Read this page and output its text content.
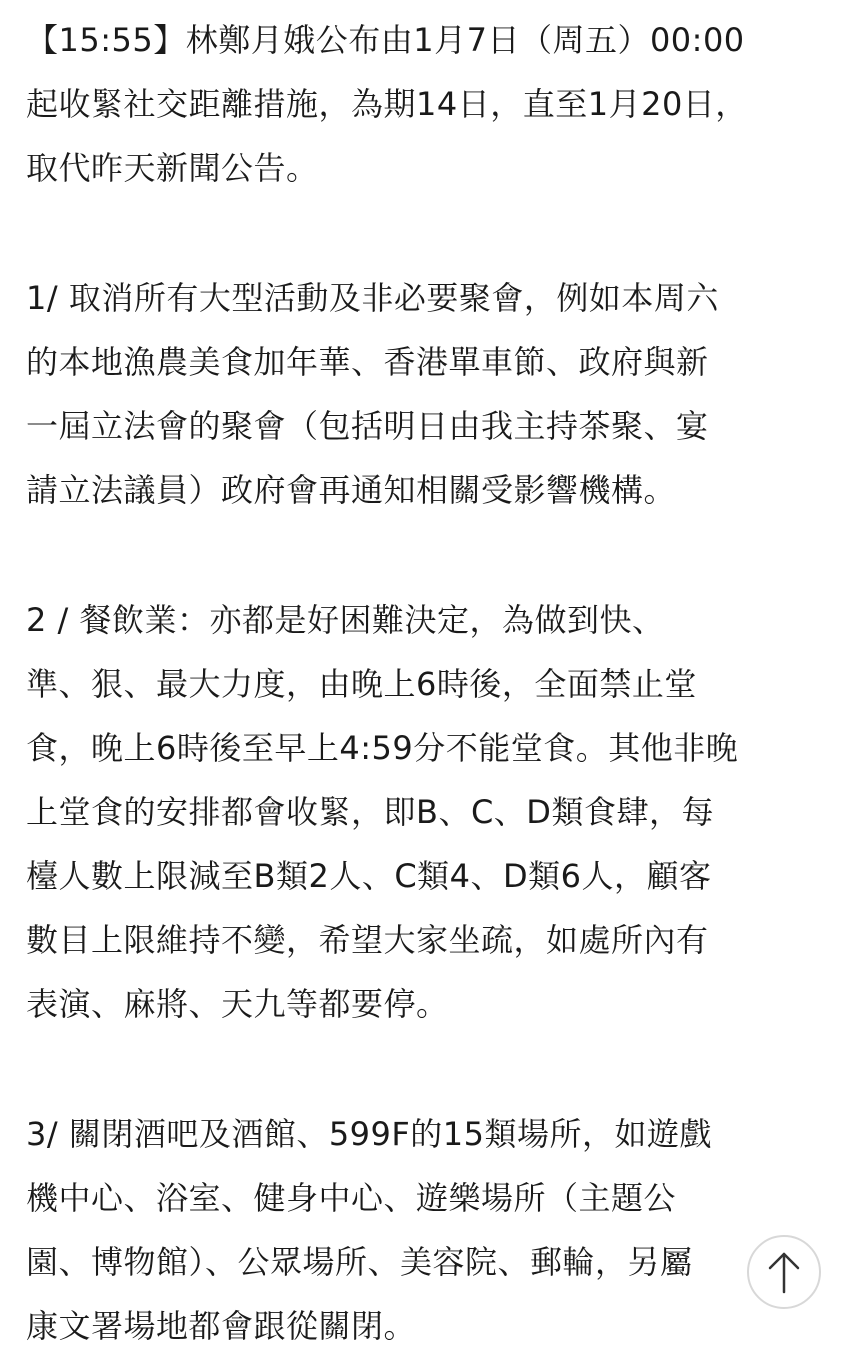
【15:55】林鄭月娥公布由1月7日（周五）00:00
起收緊社交距離措施，為期14日，直至1月20日，
取代昨天新聞公告。
1/ 取消所有大型活動及非必要聚會，例如本周六
的本地漁農美食加年華、香港單車節、政府與新
一屆立法會的聚會（包括明日由我主持茶聚、宴
請立法議員）政府會再通知相關受影響機構。
2 / 餐飲業：亦都是好困難決定，為做到快、
準、狠、最大力度，由晚上6時後，全面禁止堂
食，晚上6時後至早上4:59分不能堂食。其他非晚
上堂食的安排都會收緊，即B、C、D類食肆，每
檯人數上限減至B類2人、C類4、D類6人，顧客
數目上限維持不變，希望大家坐疏，如處所內有
表演、麻將、天九等都要停。
3/ 關閉酒吧及酒館、599F的15類場所，如遊戲
機中心、浴室、健身中心、遊樂場所（主題公
園、博物館）、公眾場所、美容院、郵輪，另屬
康文署場地都會跟從關閉。
